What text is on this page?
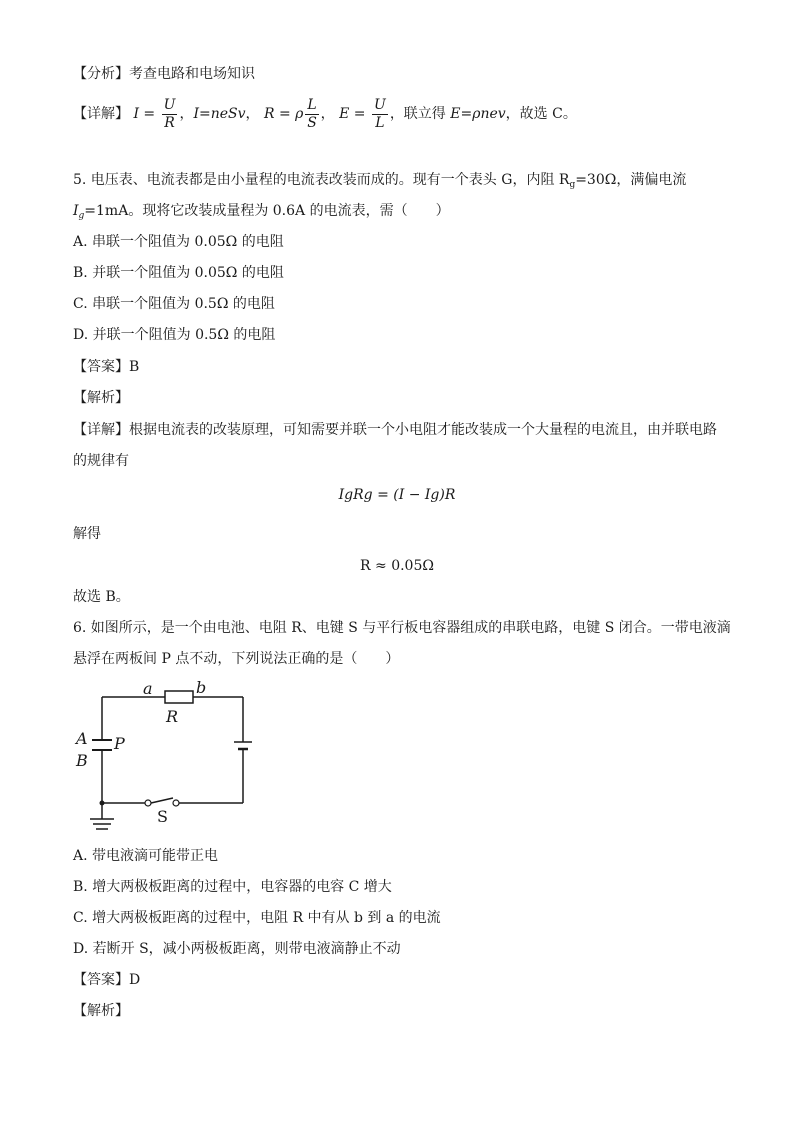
【分析】考查电路和电场知识
【详解】 $I = \frac{U}{R}$ ，I=neSv， R = ρ $\frac{L}{S}$ ， $E = \frac{U}{L}$ ，联立得 E=ρnev，故选 C。
5. 电压表、电流表都是由小量程的电流表改装而成的。现有一个表头 G，内阻 $R_g=30\Omega$，满偏电流
$I_g=1mA$。现将它改装成量程为 0.6A 的电流表，需（　　）
A. 串联一个阻值为 0.05Ω 的电阻
B. 并联一个阻值为 0.05Ω 的电阻
C. 串联一个阻值为 0.5Ω 的电阻
D. 并联一个阻值为 0.5Ω 的电阻
【答案】B
【解析】
【详解】根据电流表的改装原理，可知需要并联一个小电阻才能改装成一个大量程的电流且，由并联电路
的规律有
IgRg = (I − Ig)R
解得
R ≈ 0.05Ω
故选 B。
6. 如图所示，是一个由电池、电阻 R、电键 S 与平行板电容器组成的串联电路，电键 S 闭合。一带电液滴
悬浮在两板间 P 点不动，下列说法正确的是（　　）
a	b
R
A P
B
S
A. 带电液滴可能带正电
B. 增大两极板距离的过程中，电容器的电容 C 增大
C. 增大两极板距离的过程中，电阻 R 中有从 b 到 a 的电流
D. 若断开 S，减小两极板距离，则带电液滴静止不动
【答案】D
【解析】
